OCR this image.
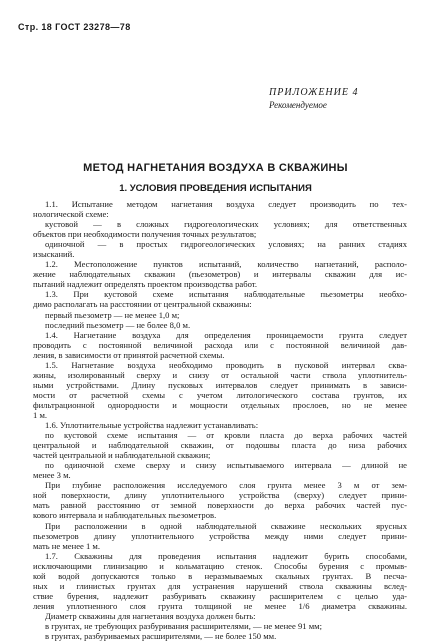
Стр. 18 ГОСТ 23278—78
ПРИЛОЖЕНИЕ 4
Рекомендуемое
МЕТОД НАГНЕТАНИЯ ВОЗДУХА В СКВАЖИНЫ
1. УСЛОВИЯ ПРОВЕДЕНИЯ ИСПЫТАНИЯ
1.1. Испытание методом нагнетания воздуха следует производить по тех-
нологической схеме:
кустовой — в сложных гидрогеологических условиях; для ответственных
объектов при необходимости получения точных результатов;
одиночной — в простых гидрогеологических условиях; на ранних стадиях
изысканий.
1.2. Местоположение пунктов испытаний, количество нагнетаний, располо-
жение наблюдательных скважин (пьезометров) и интервалы скважин для ис-
пытаний надлежит определять проектом производства работ.
1.3. При кустовой схеме испытания наблюдательные пьезометры необхо-
димо располагать на расстоянии от центральной скважины:
первый пьезометр — не менее 1,0 м;
последний пьезометр — не более 8,0 м.
1.4. Нагнетание воздуха для определения проницаемости грунта следует
проводить с постоянной величиной расхода или с постоянной величиной дав-
ления, в зависимости от принятой расчетной схемы.
1.5. Нагнетание воздуха необходимо проводить в пусковой интервал сква-
жины, изолированный сверху и снизу от остальной части ствола уплотнитель-
ными устройствами. Длину пусковых интервалов следует принимать в зависи-
мости от расчетной схемы с учетом литологического состава грунтов, их
фильтрационной однородности и мощности отдельных прослоев, но не менее
1 м.
1.6. Уплотнительные устройства надлежит устанавливать:
по кустовой схеме испытания — от кровли пласта до верха рабочих частей
центральной и наблюдательной скважин, от подошвы пласта до низа рабочих
частей центральной и наблюдательной скважин;
по одиночной схеме сверху и снизу испытываемого интервала — длиной не
менее 3 м.
При глубине расположения исследуемого слоя грунта менее 3 м от зем-
ной поверхности, длину уплотнительного устройства (сверху) следует прини-
мать равной расстоянию от земной поверхности до верха рабочих частей пус-
кового интервала и наблюдательных пьезометров.
При расположении в одной наблюдательной скважине нескольких ярусных
пьезометров длину уплотнительного устройства между ними следует прини-
мать не менее 1 м.
1.7. Скважины для проведения испытания надлежит бурить способами,
исключающими глинизацию и кольматацию стенок. Способы бурения с промыв-
кой водой допускаются только в неразмываемых скальных грунтах. В песча-
ных и глинистых грунтах для устранения нарушений ствола скважины вслед-
ствие бурения, надлежит разбуривать скважину расширителем с целью уда-
ления уплотненного слоя грунта толщиной не менее 1/6 диаметра скважины.
Диаметр скважины для нагнетания воздуха должен быть:
в грунтах, не требующих разбуривания расширителями, — не менее 91 мм;
в грунтах, разбуриваемых расширителями, — не более 150 мм.
